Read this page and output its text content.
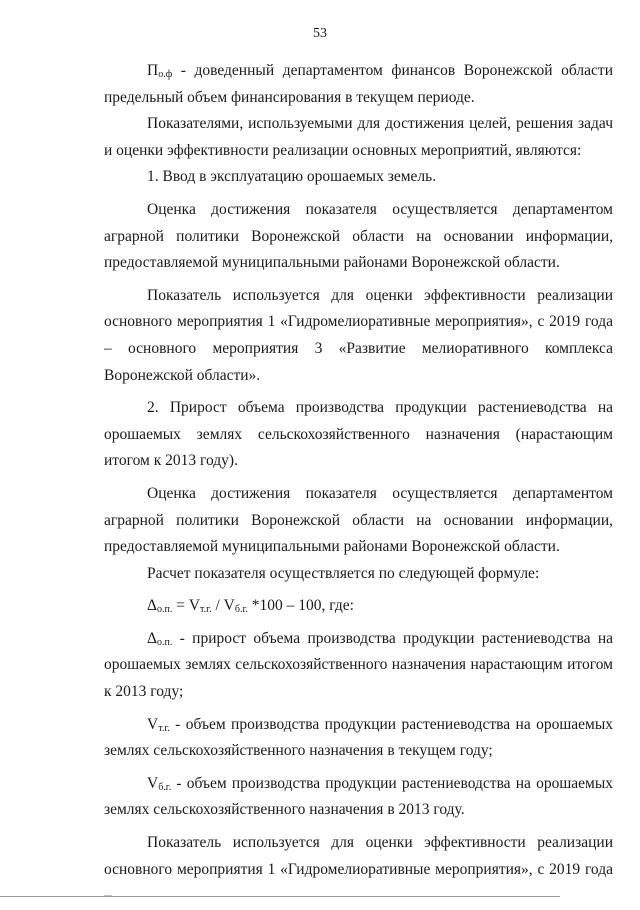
53

$П_{о.ф}$ - доведенный департаментом финансов Воронежской области предельный объем финансирования в текущем периоде.

Показателями, используемыми для достижения целей, решения задач и оценки эффективности реализации основных мероприятий, являются:

1. Ввод в эксплуатацию орошаемых земель.

Оценка достижения показателя осуществляется департаментом аграрной политики Воронежской области на основании информации, предоставляемой муниципальными районами Воронежской области.

Показатель используется для оценки эффективности реализации основного мероприятия 1 «Гидромелиоративные мероприятия», с 2019 года – основного мероприятия 3 «Развитие мелиоративного комплекса Воронежской области».

2. Прирост объема производства продукции растениеводства на орошаемых землях сельскохозяйственного назначения (нарастающим итогом к 2013 году).

Оценка достижения показателя осуществляется департаментом аграрной политики Воронежской области на основании информации, предоставляемой муниципальными районами Воронежской области.

Расчет показателя осуществляется по следующей формуле:

$\Delta_{о.п.} = V_{т.г.} / V_{б.г.}$ *100 – 100, где:

$\Delta_{о.п.}$ - прирост объема производства продукции растениеводства на орошаемых землях сельскохозяйственного назначения нарастающим итогом к 2013 году;

$V_{т.г.}$ - объем производства продукции растениеводства на орошаемых землях сельскохозяйственного назначения в текущем году;

$V_{б.г.}$ - объем производства продукции растениеводства на орошаемых землях сельскохозяйственного назначения в 2013 году.

Показатель используется для оценки эффективности реализации основного мероприятия 1 «Гидромелиоративные мероприятия», с 2019 года –
